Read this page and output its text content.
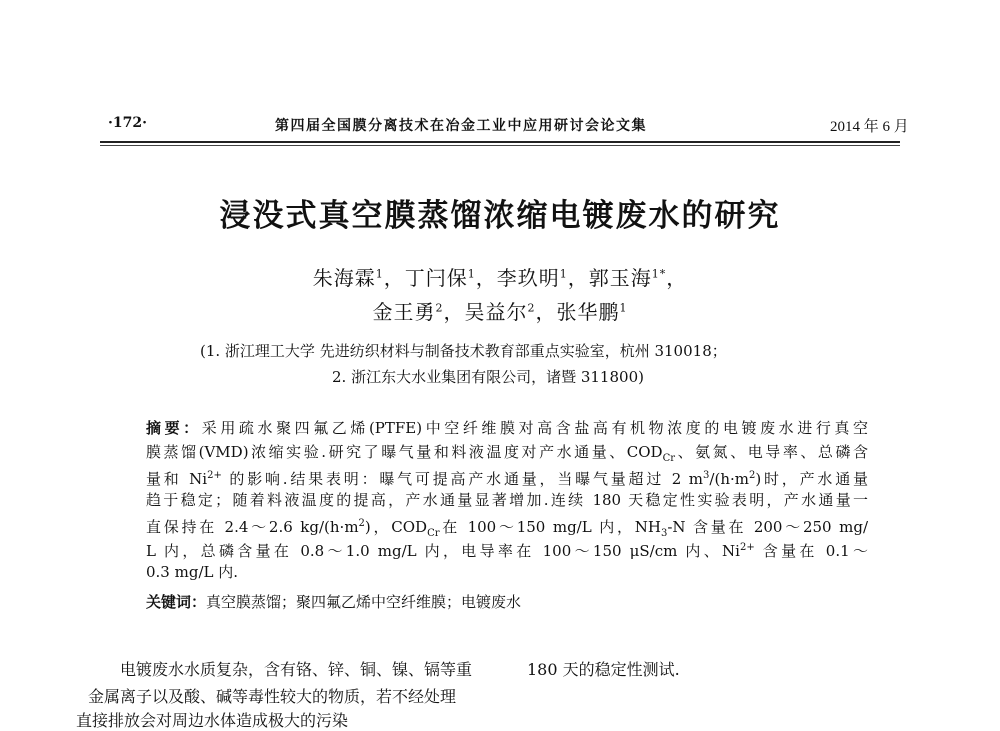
·172·	第四届全国膜分离技术在冶金工业中应用研讨会论文集	2014 年 6 月
浸没式真空膜蒸馏浓缩电镀废水的研究
朱海霖$^1$，丁闩保$^1$，李玖明$^1$，郭玉海$^{1*}$，
金王勇$^2$，吴益尔$^2$，张华鹏$^1$
(1. 浙江理工大学 先进纺织材料与制备技术教育部重点实验室，杭州 310018；
2. 浙江东大水业集团有限公司，诸暨 311800)
摘要：采用疏水聚四氟乙烯(PTFE)中空纤维膜对高含盐高有机物浓度的电镀废水进行真空
膜蒸馏(VMD)浓缩实验.研究了曝气量和料液温度对产水通量、$COD_{Cr}$、氨氮、电导率、总磷含
量和 $Ni^{2+}$ 的影响.结果表明：曝气可提高产水通量，当曝气量超过 2 $m^3/(h\cdot m^2)$时，产水通量
趋于稳定；随着料液温度的提高，产水通量显著增加.连续 180 天稳定性实验表明，产水通量一
直保持在 2.4～2.6 $kg/(h\cdot m^2)$，$COD_{Cr}$在 100～150 mg/L 内，$NH_3-N$ 含量在 200～250 mg/
L 内，总磷含量在 0.8～1.0 mg/L 内，电导率在 100～150 μS/cm 内、$Ni^{2+}$ 含量在 0.1～
0.3 mg/L 内.
关键词：真空膜蒸馏；聚四氟乙烯中空纤维膜；电镀废水
电镀废水水质复杂，含有铬、锌、铜、镍、镉等重
金属离子以及酸、碱等毒性较大的物质，若不经处理
直接排放会对周边水体造成极大的污染
180 天的稳定性测试.
